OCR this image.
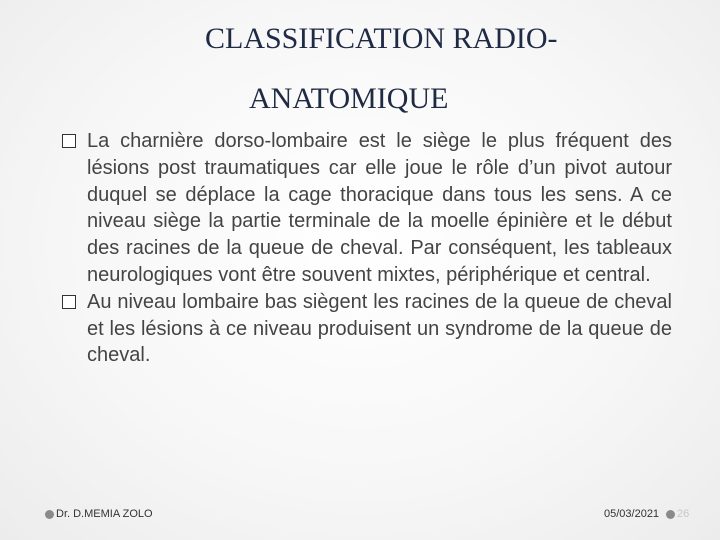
CLASSIFICATION RADIO-
ANATOMIQUE
La charnière dorso-lombaire est le siège le plus fréquent des lésions post traumatiques car elle joue le rôle d’un pivot autour duquel se déplace la cage thoracique dans tous les sens. A ce niveau siège la partie terminale de la moelle épinière et le début des racines de la queue de cheval. Par conséquent, les tableaux neurologiques vont être souvent mixtes, périphérique et central.
Au niveau lombaire bas siègent les racines de la queue de cheval et les lésions à ce niveau produisent un syndrome de la queue de cheval.
Dr. D.MEMIA ZOLO	05/03/2021 26
